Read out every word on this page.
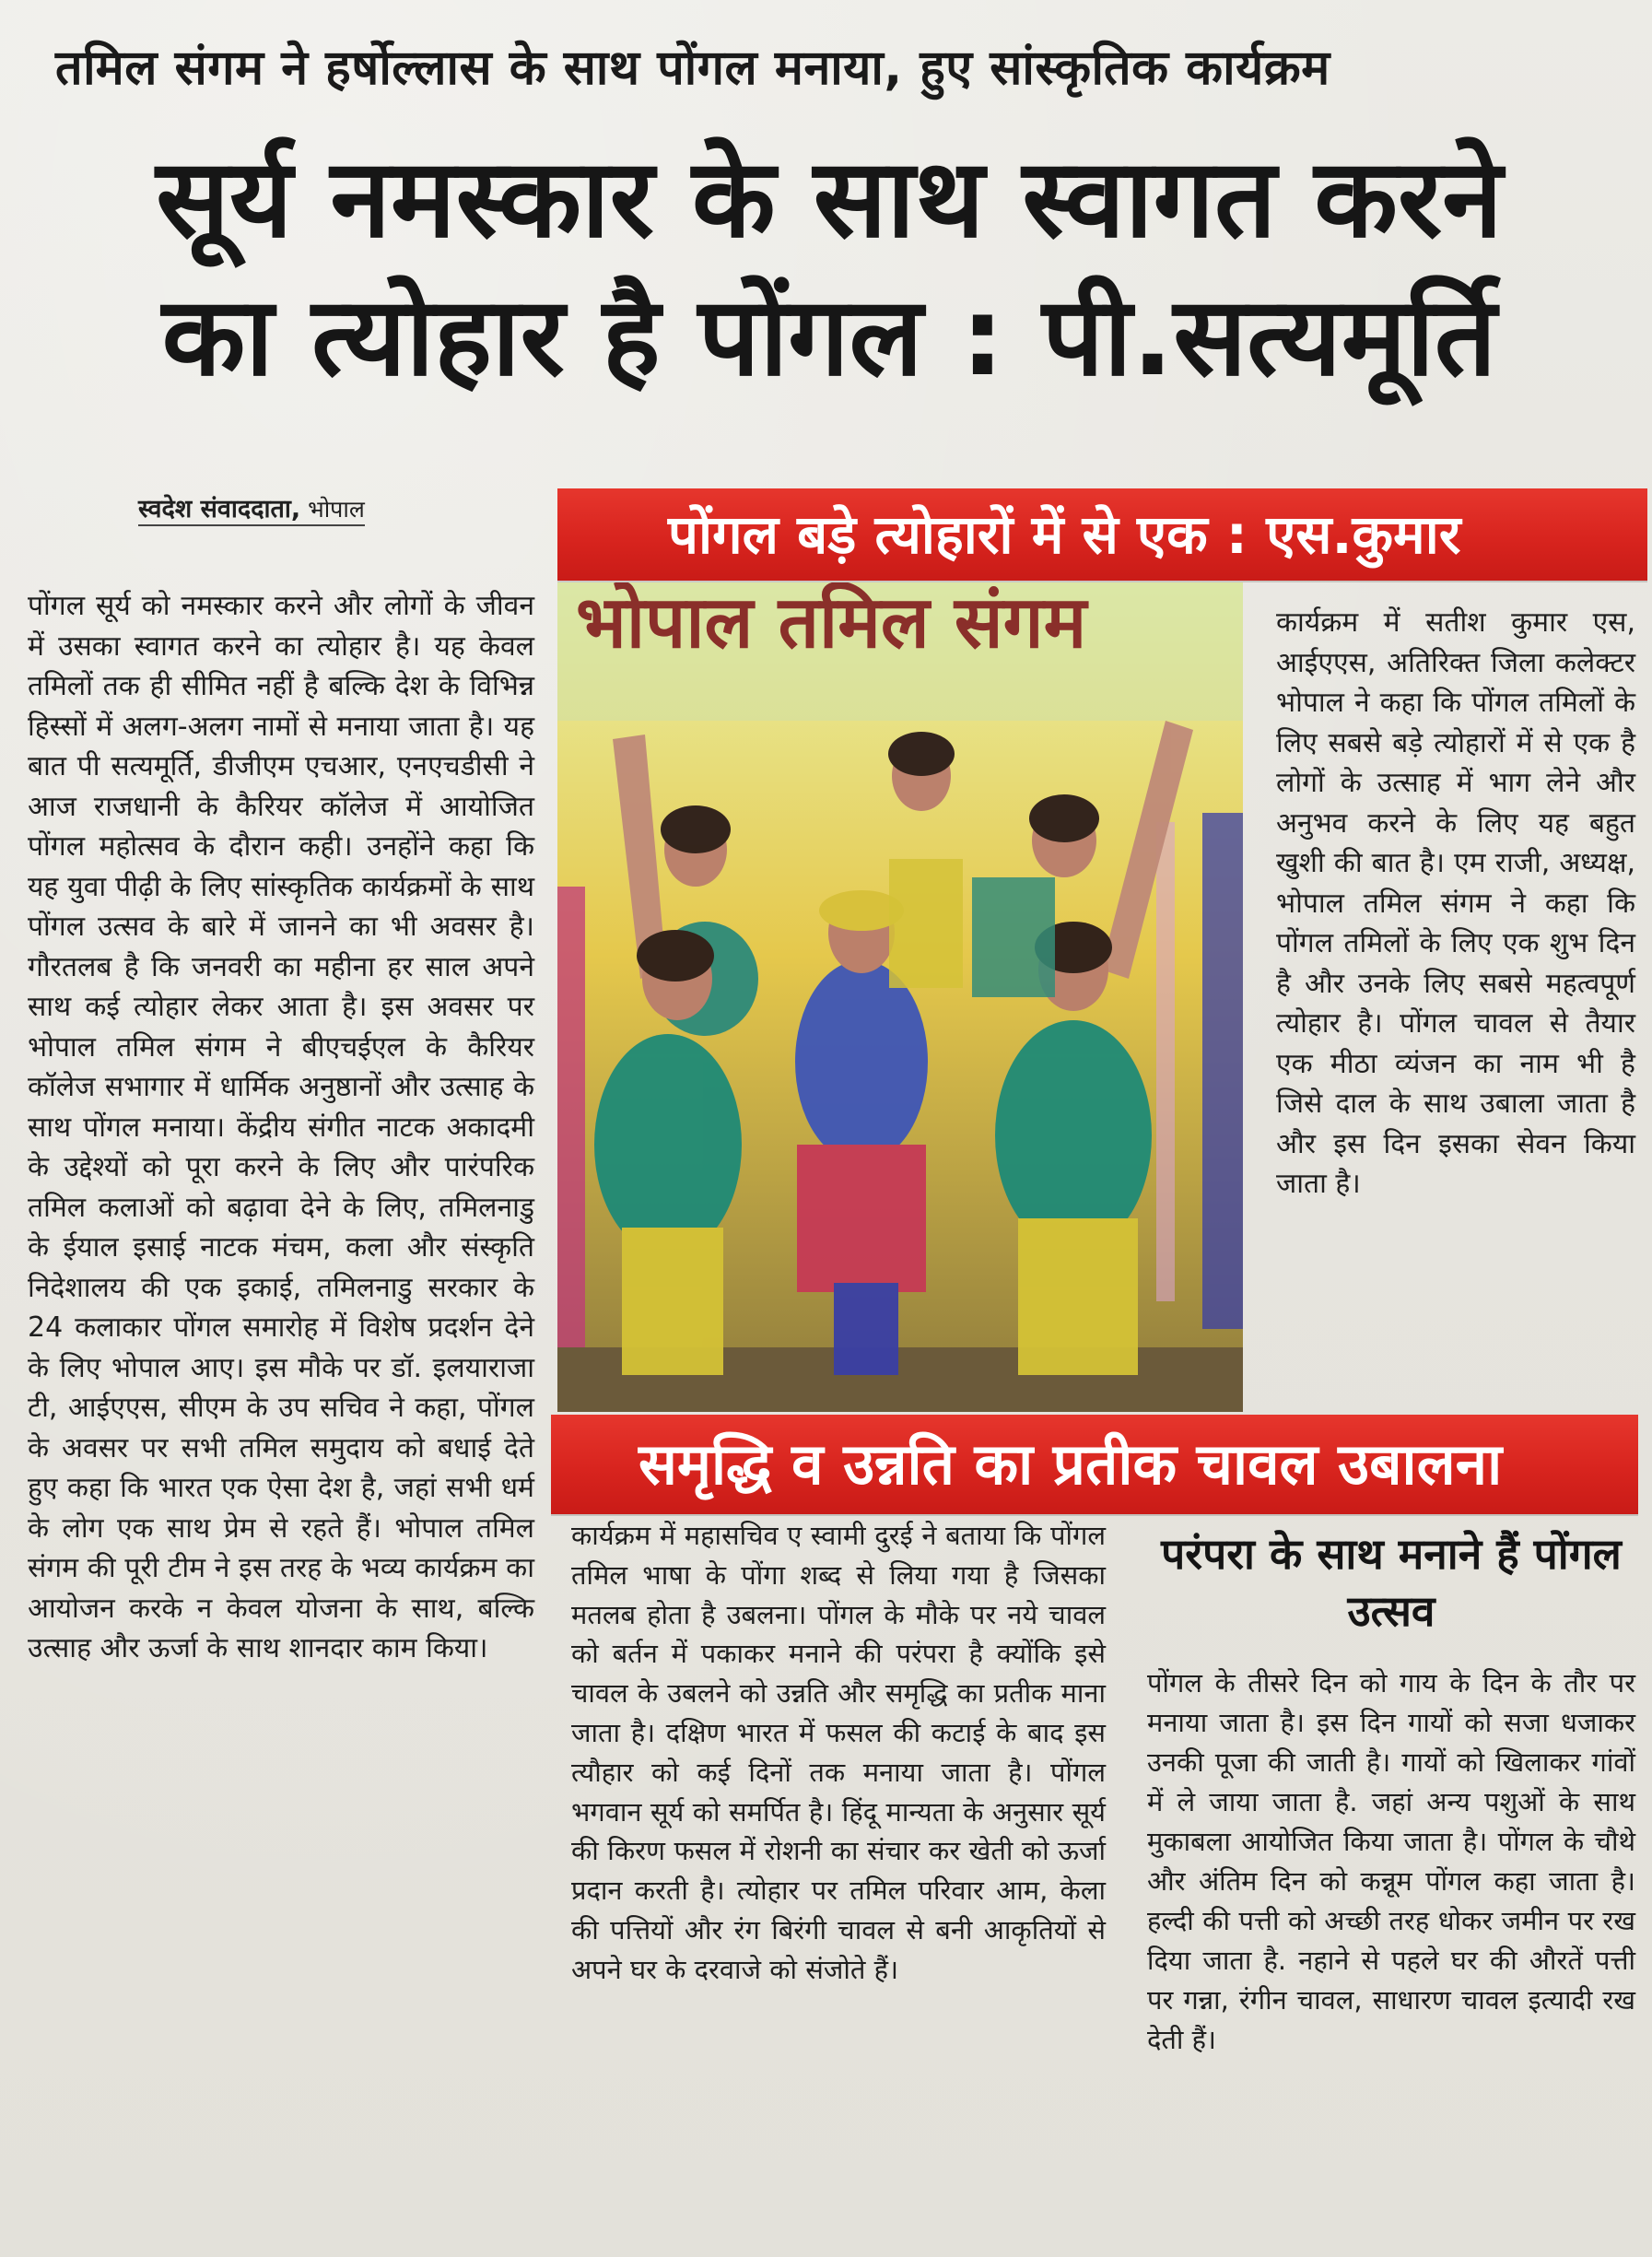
तमिल संगम ने हर्षोल्लास के साथ पोंगल मनाया, हुए सांस्कृतिक कार्यक्रम
सूर्य नमस्कार के साथ स्वागत करने
का त्योहार है पोंगल : पी.सत्यमूर्ति
स्वदेश संवाददाता, भोपाल

पोंगल सूर्य को नमस्कार करने और लोगों के जीवन में उसका स्वागत करने का त्योहार है। यह केवल तमिलों तक ही सीमित नहीं है बल्कि देश के विभिन्न हिस्सों में अलग-अलग नामों से मनाया जाता है। यह बात पी सत्यमूर्ति, डीजीएम एचआर, एनएचडीसी ने आज राजधानी के कैरियर कॉलेज में आयोजित पोंगल महोत्सव के दौरान कही। उनहोंने कहा कि यह युवा पीढ़ी के लिए सांस्कृतिक कार्यक्रमों के साथ पोंगल उत्सव के बारे में जानने का भी अवसर है। गौरतलब है कि जनवरी का महीना हर साल अपने साथ कई त्योहार लेकर आता है। इस अवसर पर भोपाल तमिल संगम ने बीएचईएल के कैरियर कॉलेज सभागार में धार्मिक अनुष्ठानों और उत्साह के साथ पोंगल मनाया। केंद्रीय संगीत नाटक अकादमी के उद्देश्यों को पूरा करने के लिए और पारंपरिक तमिल कलाओं को बढ़ावा देने के लिए, तमिलनाडु के ईयाल इसाई नाटक मंचम, कला और संस्कृति निदेशालय की एक इकाई, तमिलनाडु सरकार के 24 कलाकार पोंगल समारोह में विशेष प्रदर्शन देने के लिए भोपाल आए। इस मौके पर डॉ. इलयाराजा टी, आईएएस, सीएम के उप सचिव ने कहा, पोंगल के अवसर पर सभी तमिल समुदाय को बधाई देते हुए कहा कि भारत एक ऐसा देश है, जहां सभी धर्म के लोग एक साथ प्रेम से रहते हैं। भोपाल तमिल संगम की पूरी टीम ने इस तरह के भव्य कार्यक्रम का आयोजन करके न केवल योजना के साथ, बल्कि उत्साह और ऊर्जा के साथ शानदार काम किया।

पोंगल बड़े त्योहारों में से एक : एस.कुमार
भोपाल तमिल संगम	कार्यक्रम में सतीश कुमार एस, आईएएस, अतिरिक्त जिला कलेक्टर भोपाल ने कहा कि पोंगल तमिलों के लिए सबसे बड़े त्योहारों में से एक है लोगों के उत्साह में भाग लेने और अनुभव करने के लिए यह बहुत खुशी की बात है। एम राजी, अध्यक्ष, भोपाल तमिल संगम ने कहा कि पोंगल तमिलों के लिए एक शुभ दिन है और उनके लिए सबसे महत्वपूर्ण त्योहार है। पोंगल चावल से तैयार एक मीठा व्यंजन का नाम भी है जिसे दाल के साथ उबाला जाता है और इस दिन इसका सेवन किया जाता है।

समृद्धि व उन्नति का प्रतीक चावल उबालना

कार्यक्रम में महासचिव ए स्वामी दुरई ने बताया कि पोंगल तमिल भाषा के पोंगा शब्द से लिया गया है जिसका मतलब होता है उबलना। पोंगल के मौके पर नये चावल को बर्तन में पकाकर मनाने की परंपरा है क्योंकि इसे चावल के उबलने को उन्नति और समृद्धि का प्रतीक माना जाता है। दक्षिण भारत में फसल की कटाई के बाद इस त्यौहार को कई दिनों तक मनाया जाता है। पोंगल भगवान सूर्य को समर्पित है। हिंदू मान्यता के अनुसार सूर्य की किरण फसल में रोशनी का संचार कर खेती को ऊर्जा प्रदान करती है। त्योहार पर तमिल परिवार आम, केला की पत्तियों और रंग बिरंगी चावल से बनी आकृतियों से अपने घर के दरवाजे को संजोते हैं।

परंपरा के साथ मनाने हैं पोंगल उत्सव

पोंगल के तीसरे दिन को गाय के दिन के तौर पर मनाया जाता है। इस दिन गायों को सजा धजाकर उनकी पूजा की जाती है। गायों को खिलाकर गांवों में ले जाया जाता है. जहां अन्य पशुओं के साथ मुकाबला आयोजित किया जाता है। पोंगल के चौथे और अंतिम दिन को कन्नूम पोंगल कहा जाता है। हल्दी की पत्ती को अच्छी तरह धोकर जमीन पर रख दिया जाता है. नहाने से पहले घर की औरतें पत्ती पर गन्ना, रंगीन चावल, साधारण चावल इत्यादी रख देती हैं।
